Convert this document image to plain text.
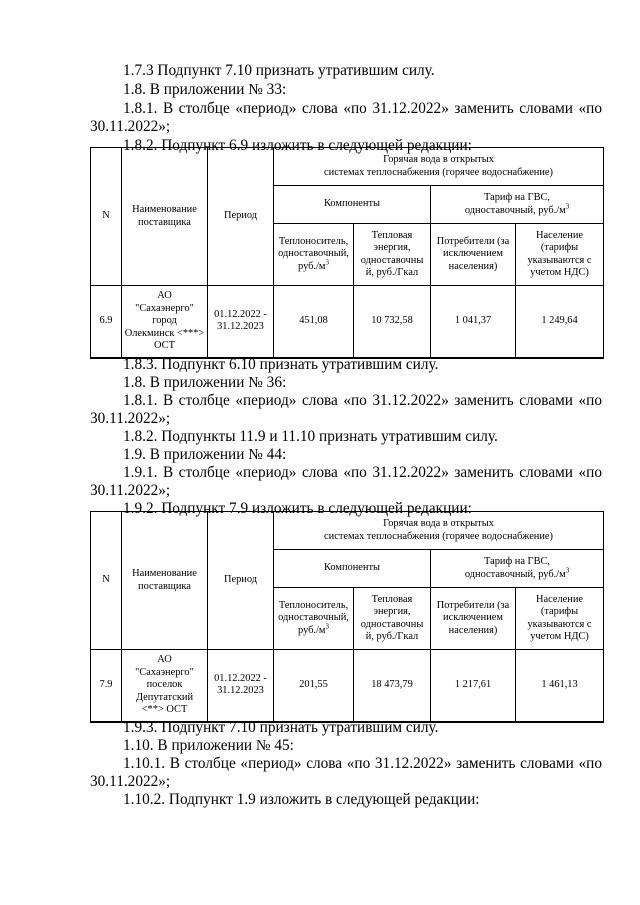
1.7.3 Подпункт 7.10 признать утратившим силу.
1.8. В приложении № 33:
1.8.1. В столбце «период» слова «по 31.12.2022» заменить словами «по
30.11.2022»;
1.8.2. Подпункт 6.9 изложить в следующей редакции:
N	Наименование поставщика	Период	Горячая вода в открытых
системах теплоснабжения (горячее водоснабжение)			
			Компоненты		Тариф на ГВС,
одноставочный, $руб./м^3$
			Теплоноситель,
одноставочный,
$руб./м^3$	Тепловая
энергия,
одноставочны
й, руб./Гкал	Потребители (за
исключением
населения)	Население
(тарифы
указываются с
учетом НДС)
6.9	АО
"Сахаэнерго"
город
Олекминск <***>
ОСТ	01.12.2022 -
31.12.2023	451,08	10 732,58	1 041,37	1 249,64
1.8.3. Подпункт 6.10 признать утратившим силу.
1.8. В приложении № 36:
1.8.1. В столбце «период» слова «по 31.12.2022» заменить словами «по
30.11.2022»;
1.8.2. Подпункты 11.9 и 11.10 признать утратившим силу.
1.9. В приложении № 44:
1.9.1. В столбце «период» слова «по 31.12.2022» заменить словами «по
30.11.2022»;
1.9.2. Подпункт 7.9 изложить в следующей редакции:
N	Наименование поставщика	Период	Горячая вода в открытых
системах теплоснабжения (горячее водоснабжение)			
			Компоненты		Тариф на ГВС,
одноставочный, $руб./м^3$
			Теплоноситель,
одноставочный,
$руб./м^3$	Тепловая
энергия,
одноставочны
й, руб./Гкал	Потребители (за
исключением
населения)	Население
(тарифы
указываются с
учетом НДС)
7.9	АО
"Сахаэнерго"
поселок
Депутатский
<**> ОСТ	01.12.2022 -
31.12.2023	201,55	18 473,79	1 217,61	1 461,13
1.9.3. Подпункт 7.10 признать утратившим силу.
1.10. В приложении № 45:
1.10.1. В столбце «период» слова «по 31.12.2022» заменить словами «по
30.11.2022»;
1.10.2. Подпункт 1.9 изложить в следующей редакции:
